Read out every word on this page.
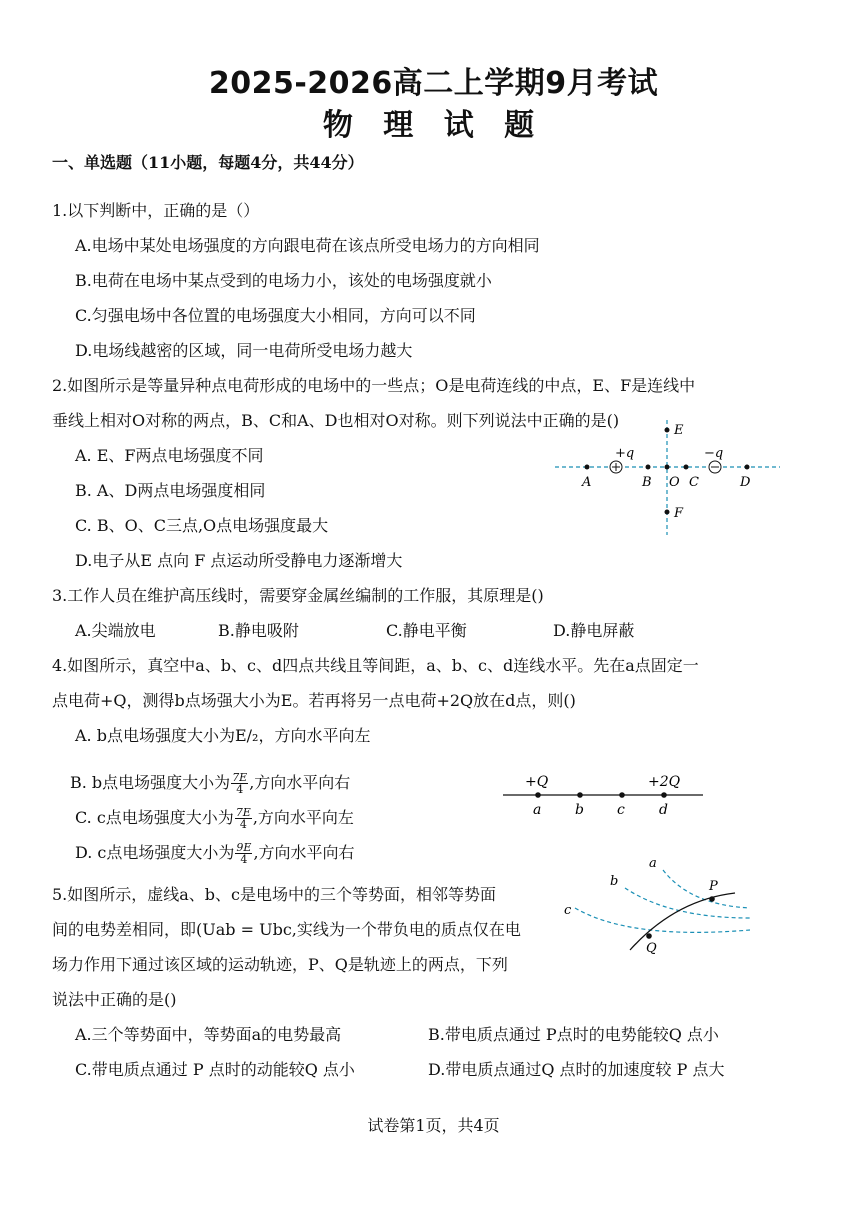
2025-2026高二上学期9月考试
物 理 试 题
一、单选题（11小题，每题4分，共44分）
1.以下判断中，正确的是（）
A.电场中某处电场强度的方向跟电荷在该点所受电场力的方向相同
B.电荷在电场中某点受到的电场力小，该处的电场强度就小
C.匀强电场中各位置的电场强度大小相同，方向可以不同
D.电场线越密的区域，同一电荷所受电场力越大
2.如图所示是等量异种点电荷形成的电场中的一些点；O是电荷连线的中点，E、F是连线中
垂线上相对O对称的两点，B、C和A、D也相对O对称。则下列说法中正确的是()
A. E、F两点电场强度不同
B. A、D两点电场强度相同
C. B、O、C三点,O点电场强度最大
D.电子从E 点向 F 点运动所受静电力逐渐增大
E
+q	−q
A	B O C	D
F
3.工作人员在维护高压线时，需要穿金属丝编制的工作服，其原理是()
A.尖端放电	B.静电吸附	C.静电平衡	D.静电屏蔽
4.如图所示，真空中a、b、c、d四点共线且等间距，a、b、c、d连线水平。先在a点固定一
点电荷+Q，测得b点场强大小为E。若再将另一点电荷+2Q放在d点，则()
A. b点电场强度大小为E/₂，方向水平向左
B. b点电场强度大小为 $\frac{7E}{4}$ ,方向水平向右
C. c点电场强度大小为 $\frac{7E}{4}$ ,方向水平向左
D. c点电场强度大小为 $\frac{9E}{4}$ ,方向水平向右
+Q	+2Q
a b c d
5.如图所示，虚线a、b、c是电场中的三个等势面，相邻等势面
间的电势差相同，即(Uab = Ubc,实线为一个带负电的质点仅在电
场力作用下通过该区域的运动轨迹，P、Q是轨迹上的两点，下列
说法中正确的是()
A.三个等势面中，等势面a的电势最高	B.带电质点通过 P点时的电势能较Q 点小
C.带电质点通过 P 点时的动能较Q 点小	D.带电质点通过Q 点时的加速度较 P 点大
a
b
c
P
Q
试卷第1页，共4页
